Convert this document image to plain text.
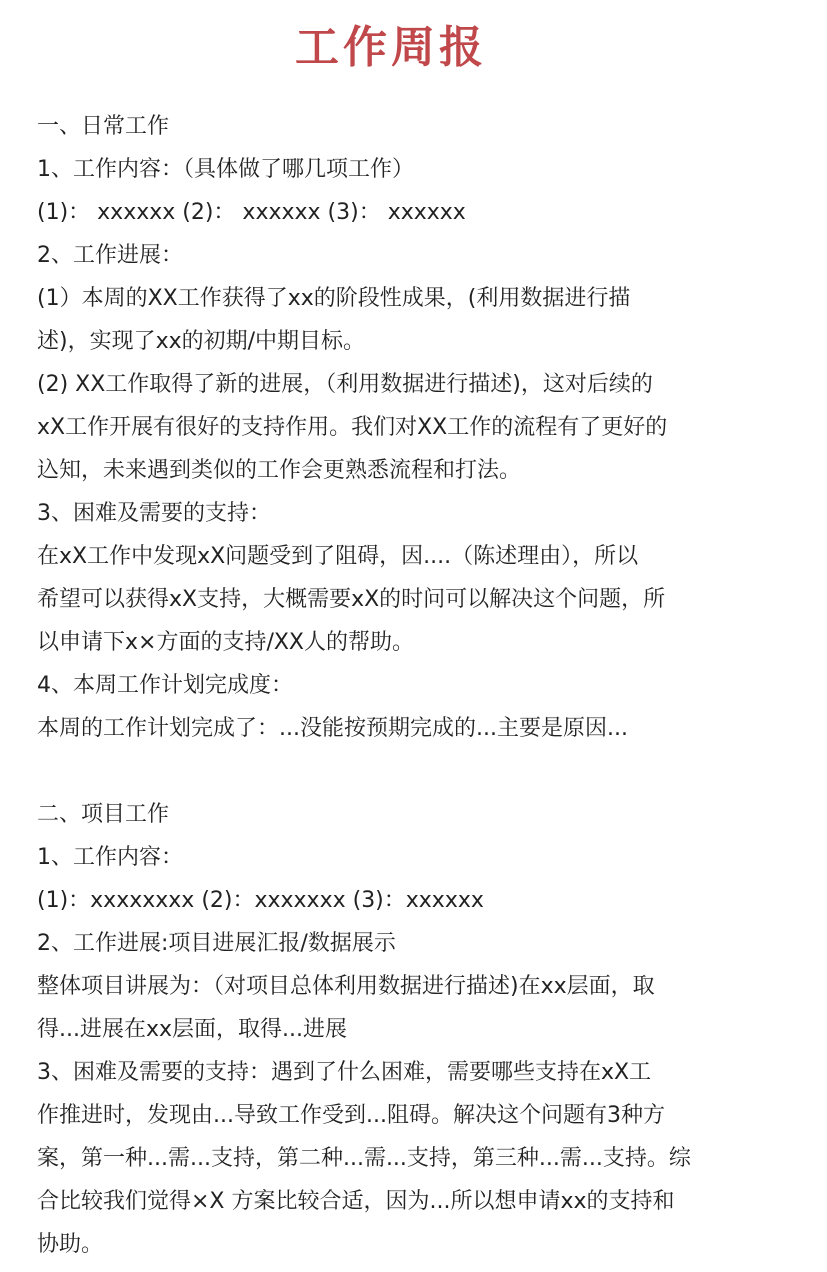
工作周报
一、日常工作
1、工作内容：（具体做了哪几项工作）
(1)： xxxxxx (2)： xxxxxx (3)： xxxxxx
2、工作进展：
(1）本周的XX工作获得了xx的阶段性成果，(利用数据进行描
述)，实现了xx的初期/中期目标。
(2) XX工作取得了新的进展，（利用数据进行描述)，这对后续的
xX工作开展有很好的支持作用。我们对XX工作的流程有了更好的
込知，未来遇到类似的工作会更熟悉流程和打法。
3、困难及需要的支持：
在xX工作中发现xX问题受到了阻碍，因....（陈述理由），所以
希望可以获得xX支持，大概需要xX的时问可以解决这个问题，所
以申请下x×方面的支持/XX人的帮助。
4、本周工作计划完成度：
本周的工作计划完成了：...没能按预期完成的...主要是原因...
二、项目工作
1、工作内容：
(1)：xxxxxxxx (2)：xxxxxxx (3)：xxxxxx
2、工作进展:项目进展汇报/数据展示
整体项目讲展为：（对项目总体利用数据进行描述)在xx层面，取
得...进展在xx层面，取得...进展
3、困难及需要的支持：遇到了什么困难，需要哪些支持在xX工
作推进时，发现由...导致工作受到...阻碍。解决这个问题有3种方
案，第一种...需...支持，第二种...需...支持，第三种...需...支持。综
合比较我们觉得×X 方案比较合适，因为...所以想申请xx的支持和
协助。
